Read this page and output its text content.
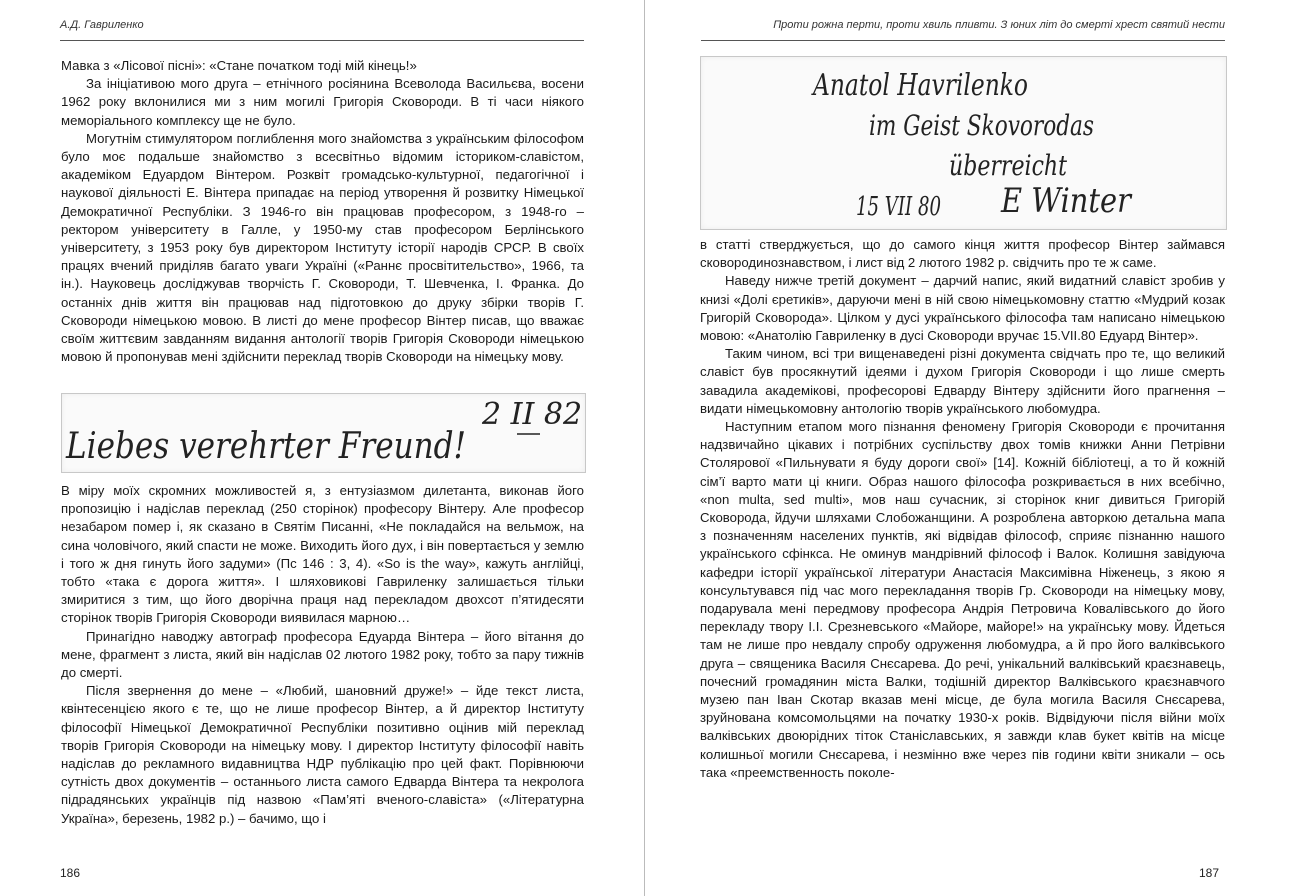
А.Д. Гавриленко

Мавка з «Лісової пісні»: «Стане початком тоді мій кінець!»

За ініціативою мого друга – етнічного росіянина Всеволода Васильєва, восени 1962 року вклонилися ми з ним могилі Григорія Сковороди. В ті часи ніякого меморіального комплексу ще не було.

Могутнім стимулятором поглиблення мого знайомства з українським філософом було моє подальше знайомство з всесвітньо відомим істориком-славістом, академіком Едуардом Вінтером. Розквіт громадсько-культурної, педагогічної і наукової діяльності Е. Вінтера припадає на період утворення й розвитку Німецької Демократичної Республіки. З 1946-го він працював професором, з 1948-го – ректором університету в Галле, у 1950-му став професором Берлінського університету, з 1953 року був директором Інституту історії народів СРСР. В своїх працях вчений приділяв багато уваги Україні («Раннє просвітительство», 1966, та ін.). Науковець досліджував творчість Г. Сковороди, Т. Шевченка, І. Франка. До останніх днів життя він працював над підготовкою до друку збірки творів Г. Сковороди німецькою мовою. В листі до мене професор Вінтер писав, що вважає своїм життєвим завданням видання антології творів Григорія Сковороди німецькою мовою й пропонував мені здійснити переклад творів Сковороди на німецьку мову.

2 II 82
Liebes verehrter Freund!

В міру моїх скромних можливостей я, з ентузіазмом дилетанта, виконав його пропозицію і надіслав переклад (250 сторінок) професору Вінтеру. Але професор незабаром помер і, як сказано в Святім Писанні, «Не покладайся на вельмож, на сина чоловічого, який спасти не може. Виходить його дух, і він повертається у землю і того ж дня гинуть його задуми» (Пс 146 : 3, 4). «So is the way», кажуть англійці, тобто «така є дорога життя». І шляховикові Гавриленку залишається тільки змиритися з тим, що його дворічна праця над перекладом двохсот п’ятидесяти сторінок творів Григорія Сковороди виявилася марною…

Принагідно наводжу автограф професора Едуарда Вінтера – його вітання до мене, фрагмент з листа, який він надіслав 02 лютого 1982 року, тобто за пару тижнів до смерті.

Після звернення до мене – «Любий, шановний друже!» – йде текст листа, квінтесенцією якого є те, що не лише професор Вінтер, а й директор Інституту філософії Німецької Демократичної Республіки позитивно оцінив мій переклад творів Григорія Сковороди на німецьку мову. І директор Інституту філософії навіть надіслав до рекламного видавництва НДР публікацію про цей факт. Порівнюючи сутність двох документів – останнього листа самого Едварда Вінтера та некролога підрадянських українців під назвою «Пам’яті вченого-славіста» («Літературна Україна», березень, 1982 р.) – бачимо, що і

186
Проти рожна перти, проти хвиль пливти. З юних літ до смерті хрест святий нести
Anatol Havrilenko
im Geist Skovorodas
überreicht
15 VII 80 E Winter

в статті стверджується, що до самого кінця життя професор Вінтер займався сковородинознавством, і лист від 2 лютого 1982 р. свідчить про те ж саме.

Наведу нижче третій документ – дарчий напис, який видатний славіст зробив у книзі «Долі єретиків», даруючи мені в ній свою німецькомовну статтю «Мудрий козак Григорій Сковорода». Цілком у дусі українського філософа там написано німецькою мовою: «Анатолію Гавриленку в дусі Сковороди вручає 15.VII.80 Едуард Вінтер».

Таким чином, всі три вищенаведені різні документа свідчать про те, що великий славіст був просякнутий ідеями і духом Григорія Сковороди і що лише смерть завадила академікові, професорові Едварду Вінтеру здійснити його прагнення – видати німецькомовну антологію творів українського любомудра.

Наступним етапом мого пізнання феномену Григорія Сковороди є прочитання надзвичайно цікавих і потрібних суспільству двох томів книжки Анни Петрівни Столярової «Пильнувати я буду дороги свої» [14]. Кожній бібліотеці, а то й кожній сім’ї варто мати ці книги. Образ нашого філософа розкривається в них всебічно, «non multa, sed multi», мов наш сучасник, зі сторінок книг дивиться Григорій Сковорода, йдучи шляхами Слобожанщини. А розроблена авторкою детальна мапа з позначенням населених пунктів, які відвідав філософ, сприяє пізнанню нашого українського сфінкса. Не оминув мандрівний філософ і Валок. Колишня завідуюча кафедри історії української літератури Анастасія Максимівна Ніженець, з якою я консультувався під час мого перекладання творів Гр. Сковороди на німецьку мову, подарувала мені передмову професора Андрія Петровича Ковалівського до його перекладу твору І.І. Срезневського «Майоре, майоре!» на українську мову. Йдеться там не лише про невдалу спробу одруження любомудра, а й про його валківського друга – священика Василя Снєсарева. До речі, унікальний валківський краєзнавець, почесний громадянин міста Валки, тодішній директор Валківського краєзнавчого музею пан Іван Скотар вказав мені місце, де була могила Василя Снєсарева, зруйнована комсомольцями на початку 1930-х років. Відвідуючи після війни моїх валківських двоюрідних тіток Станіславських, я завжди клав букет квітів на місце колишньої могили Снєсарева, і незмінно вже через пів години квіти зникали – ось така «преемственность поколе-

187
